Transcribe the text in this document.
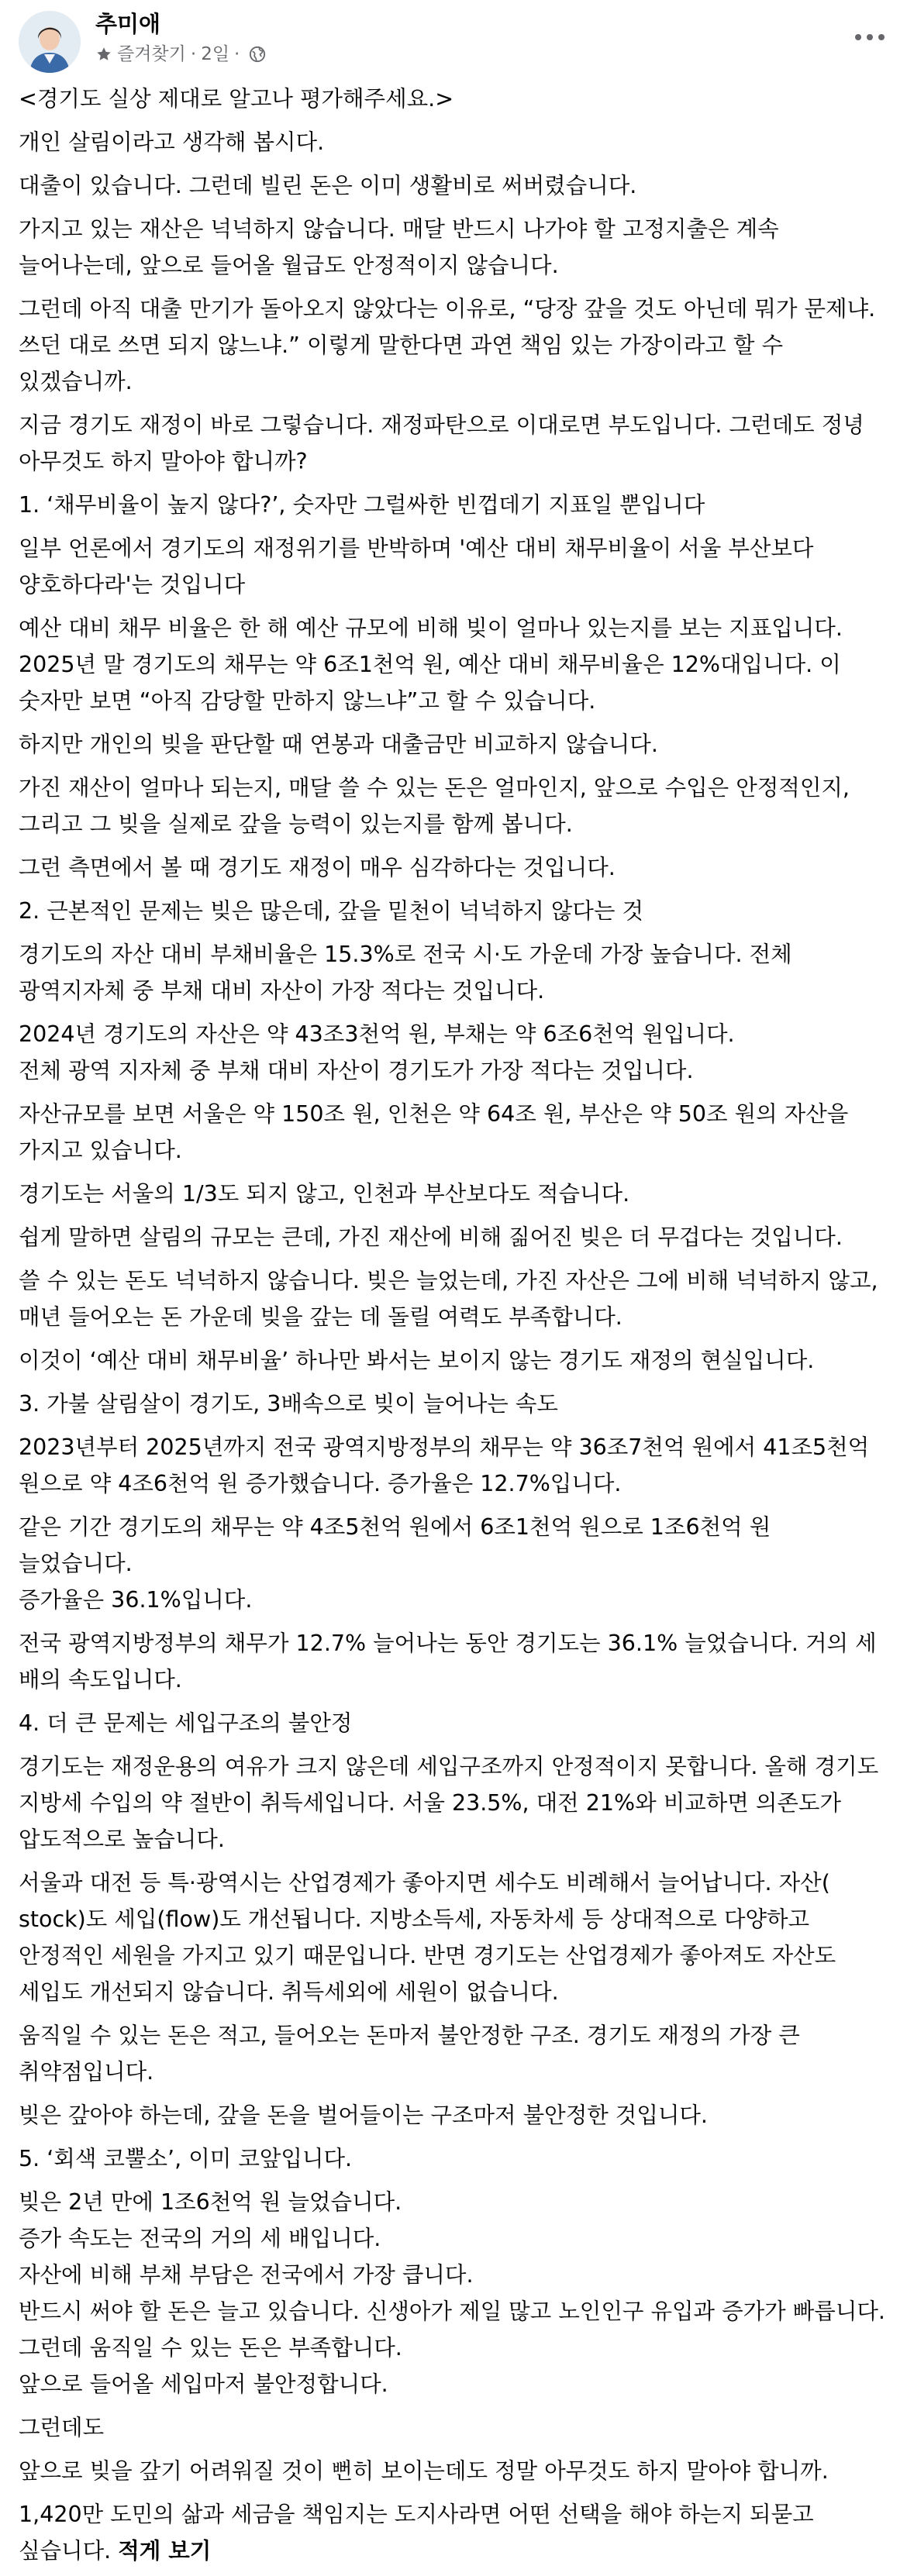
추미애
즐겨찾기 · 2일 ·

<경기도 실상 제대로 알고나 평가해주세요.>

개인 살림이라고 생각해 봅시다.

대출이 있습니다. 그런데 빌린 돈은 이미 생활비로 써버렸습니다.

가지고 있는 재산은 넉넉하지 않습니다. 매달 반드시 나가야 할 고정지출은 계속 늘어나는데, 앞으로 들어올 월급도 안정적이지 않습니다.

그런데 아직 대출 만기가 돌아오지 않았다는 이유로, “당장 갚을 것도 아닌데 뭐가 문제냐. 쓰던 대로 쓰면 되지 않느냐.” 이렇게 말한다면 과연 책임 있는 가장이라고 할 수 있겠습니까.

지금 경기도 재정이 바로 그렇습니다. 재정파탄으로 이대로면 부도입니다. 그런데도 정녕 아무것도 하지 말아야 합니까?

1. ‘채무비율이 높지 않다?’, 숫자만 그럴싸한 빈껍데기 지표일 뿐입니다

일부 언론에서 경기도의 재정위기를 반박하며 '예산 대비 채무비율이 서울 부산보다 양호하다라'는 것입니다

예산 대비 채무 비율은 한 해 예산 규모에 비해 빚이 얼마나 있는지를 보는 지표입니다. 2025년 말 경기도의 채무는 약 6조1천억 원, 예산 대비 채무비율은 12%대입니다. 이 숫자만 보면 “아직 감당할 만하지 않느냐”고 할 수 있습니다.

하지만 개인의 빚을 판단할 때 연봉과 대출금만 비교하지 않습니다.

가진 재산이 얼마나 되는지, 매달 쓸 수 있는 돈은 얼마인지, 앞으로 수입은 안정적인지, 그리고 그 빚을 실제로 갚을 능력이 있는지를 함께 봅니다.

그런 측면에서 볼 때 경기도 재정이 매우 심각하다는 것입니다.

2. 근본적인 문제는 빚은 많은데, 갚을 밑천이 넉넉하지 않다는 것

경기도의 자산 대비 부채비율은 15.3%로 전국 시·도 가운데 가장 높습니다. 전체 광역지자체 중 부채 대비 자산이 가장 적다는 것입니다.

2024년 경기도의 자산은 약 43조3천억 원, 부채는 약 6조6천억 원입니다.
전체 광역 지자체 중 부채 대비 자산이 경기도가 가장 적다는 것입니다.

자산규모를 보면 서울은 약 150조 원, 인천은 약 64조 원, 부산은 약 50조 원의 자산을 가지고 있습니다.

경기도는 서울의 1/3도 되지 않고, 인천과 부산보다도 적습니다.

쉽게 말하면 살림의 규모는 큰데, 가진 재산에 비해 짊어진 빚은 더 무겁다는 것입니다.

쓸 수 있는 돈도 넉넉하지 않습니다. 빚은 늘었는데, 가진 자산은 그에 비해 넉넉하지 않고, 매년 들어오는 돈 가운데 빚을 갚는 데 돌릴 여력도 부족합니다.

이것이 ‘예산 대비 채무비율’ 하나만 봐서는 보이지 않는 경기도 재정의 현실입니다.

3. 가불 살림살이 경기도, 3배속으로 빚이 늘어나는 속도

2023년부터 2025년까지 전국 광역지방정부의 채무는 약 36조7천억 원에서 41조5천억 원으로 약 4조6천억 원 증가했습니다. 증가율은 12.7%입니다.

같은 기간 경기도의 채무는 약 4조5천억 원에서 6조1천억 원으로 1조6천억 원 늘었습니다.
증가율은 36.1%입니다.

전국 광역지방정부의 채무가 12.7% 늘어나는 동안 경기도는 36.1% 늘었습니다. 거의 세 배의 속도입니다.

4. 더 큰 문제는 세입구조의 불안정

경기도는 재정운용의 여유가 크지 않은데 세입구조까지 안정적이지 못합니다. 올해 경기도 지방세 수입의 약 절반이 취득세입니다. 서울 23.5%, 대전 21%와 비교하면 의존도가 압도적으로 높습니다.

서울과 대전 등 특·광역시는 산업경제가 좋아지면 세수도 비례해서 늘어납니다. 자산( stock)도 세입(flow)도 개선됩니다. 지방소득세, 자동차세 등 상대적으로 다양하고 안정적인 세원을 가지고 있기 때문입니다. 반면 경기도는 산업경제가 좋아져도 자산도 세입도 개선되지 않습니다. 취득세외에 세원이 없습니다.

움직일 수 있는 돈은 적고, 들어오는 돈마저 불안정한 구조. 경기도 재정의 가장 큰 취약점입니다.

빚은 갚아야 하는데, 갚을 돈을 벌어들이는 구조마저 불안정한 것입니다.

5. ‘회색 코뿔소’, 이미 코앞입니다.

빚은 2년 만에 1조6천억 원 늘었습니다.
증가 속도는 전국의 거의 세 배입니다.
자산에 비해 부채 부담은 전국에서 가장 큽니다.
반드시 써야 할 돈은 늘고 있습니다. 신생아가 제일 많고 노인인구 유입과 증가가 빠릅니다.
그런데 움직일 수 있는 돈은 부족합니다.
앞으로 들어올 세입마저 불안정합니다.

그런데도

앞으로 빚을 갚기 어려워질 것이 뻔히 보이는데도 정말 아무것도 하지 말아야 합니까.

1,420만 도민의 삶과 세금을 책임지는 도지사라면 어떤 선택을 해야 하는지 되묻고 싶습니다. 적게 보기
